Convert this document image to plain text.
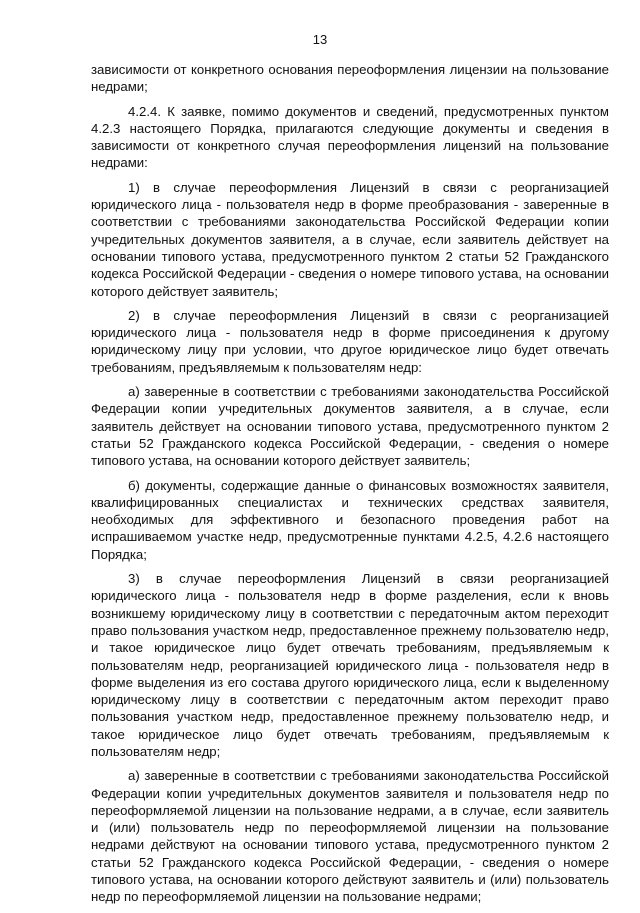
13

зависимости от конкретного основания переоформления лицензии на пользование недрами;

4.2.4. К заявке, помимо документов и сведений, предусмотренных пунктом 4.2.3 настоящего Порядка, прилагаются следующие документы и сведения в зависимости от конкретного случая переоформления лицензий на пользование недрами:

1) в случае переоформления Лицензий в связи с реорганизацией юридического лица - пользователя недр в форме преобразования - заверенные в соответствии с требованиями законодательства Российской Федерации копии учредительных документов заявителя, а в случае, если заявитель действует на основании типового устава, предусмотренного пунктом 2 статьи 52 Гражданского кодекса Российской Федерации - сведения о номере типового устава, на основании которого действует заявитель;

2) в случае переоформления Лицензий в связи с реорганизацией юридического лица - пользователя недр в форме присоединения к другому юридическому лицу при условии, что другое юридическое лицо будет отвечать требованиям, предъявляемым к пользователям недр:

а) заверенные в соответствии с требованиями законодательства Российской Федерации копии учредительных документов заявителя, а в случае, если заявитель действует на основании типового устава, предусмотренного пунктом 2 статьи 52 Гражданского кодекса Российской Федерации, - сведения о номере типового устава, на основании которого действует заявитель;

б) документы, содержащие данные о финансовых возможностях заявителя, квалифицированных специалистах и технических средствах заявителя, необходимых для эффективного и безопасного проведения работ на испрашиваемом участке недр, предусмотренные пунктами 4.2.5, 4.2.6 настоящего Порядка;

3) в случае переоформления Лицензий в связи реорганизацией юридического лица - пользователя недр в форме разделения, если к вновь возникшему юридическому лицу в соответствии с передаточным актом переходит право пользования участком недр, предоставленное прежнему пользователю недр, и такое юридическое лицо будет отвечать требованиям, предъявляемым к пользователям недр, реорганизацией юридического лица - пользователя недр в форме выделения из его состава другого юридического лица, если к выделенному юридическому лицу в соответствии с передаточным актом переходит право пользования участком недр, предоставленное прежнему пользователю недр, и такое юридическое лицо будет отвечать требованиям, предъявляемым к пользователям недр;

а) заверенные в соответствии с требованиями законодательства Российской Федерации копии учредительных документов заявителя и пользователя недр по переоформляемой лицензии на пользование недрами, а в случае, если заявитель и (или) пользователь недр по переоформляемой лицензии на пользование недрами действуют на основании типового устава, предусмотренного пунктом 2 статьи 52 Гражданского кодекса Российской Федерации, - сведения о номере типового устава, на основании которого действуют заявитель и (или) пользователь недр по переоформляемой лицензии на пользование недрами;
